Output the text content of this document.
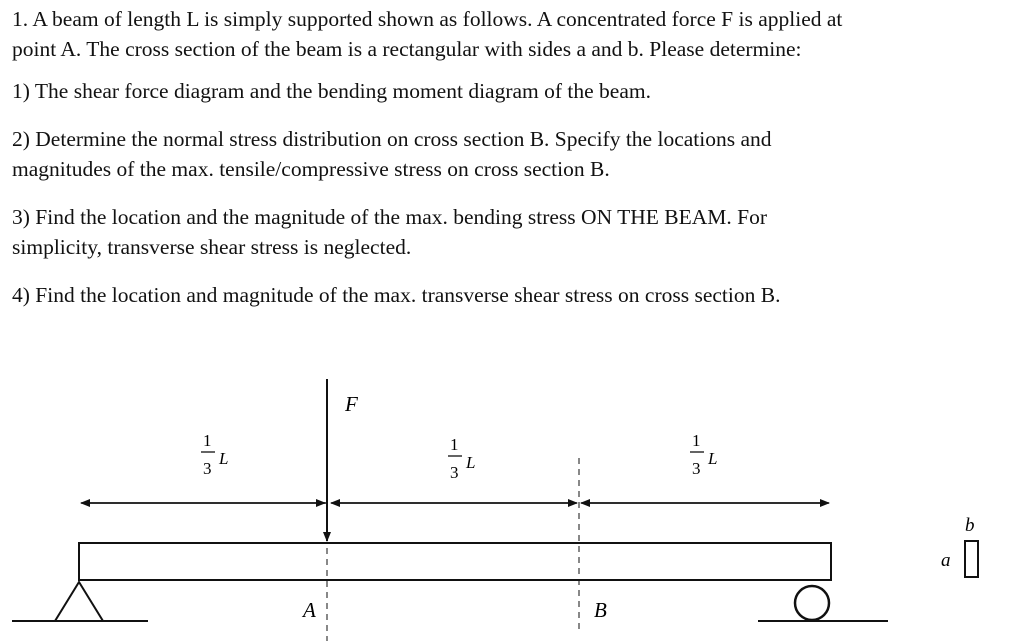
1. A beam of length L is simply supported shown as follows. A concentrated force F is applied at
point A. The cross section of the beam is a rectangular with sides a and b. Please determine:
1) The shear force diagram and the bending moment diagram of the beam.
2) Determine the normal stress distribution on cross section B. Specify the locations and
magnitudes of the max. tensile/compressive stress on cross section B.
3) Find the location and the magnitude of the max. bending stress ON THE BEAM. For
simplicity, transverse shear stress is neglected.
4) Find the location and magnitude of the max. transverse shear stress on cross section B.
1
3
L
1
3
L
1
3
L
F
A	B
a
b
